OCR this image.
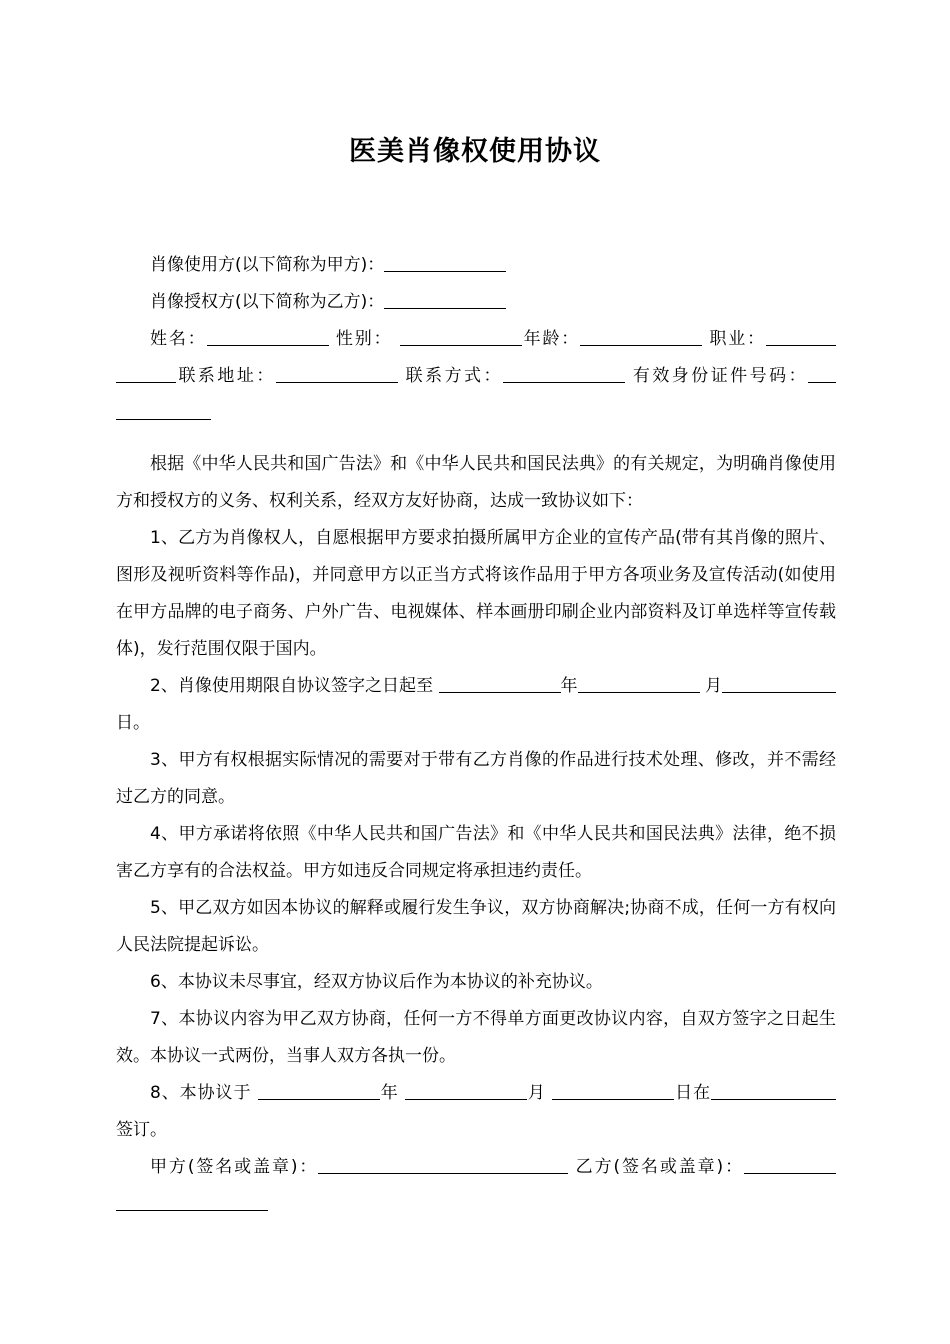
医美肖像权使用协议

肖像使用方(以下简称为甲方)：

肖像授权方(以下简称为乙方)：

姓名：	性别：	年龄：	职业：联系地址：	联系方式：	有效身份证件号码：

根据《中华人民共和国广告法》和《中华人民共和国民法典》的有关规定，为明确肖像使用方和授权方的义务、权利关系，经双方友好协商，达成一致协议如下：

1、乙方为肖像权人，自愿根据甲方要求拍摄所属甲方企业的宣传产品(带有其肖像的照片、图形及视听资料等作品)，并同意甲方以正当方式将该作品用于甲方各项业务及宣传活动(如使用在甲方品牌的电子商务、户外广告、电视媒体、样本画册印刷企业内部资料及订单选样等宣传载体)，发行范围仅限于国内。

2、肖像使用期限自协议签字之日起至	年	月 日。

3、甲方有权根据实际情况的需要对于带有乙方肖像的作品进行技术处理、修改，并不需经过乙方的同意。

4、甲方承诺将依照《中华人民共和国广告法》和《中华人民共和国民法典》法律，绝不损害乙方享有的合法权益。甲方如违反合同规定将承担违约责任。

5、甲乙双方如因本协议的解释或履行发生争议，双方协商解决;协商不成，任何一方有权向人民法院提起诉讼。

6、本协议未尽事宜，经双方协议后作为本协议的补充协议。

7、本协议内容为甲乙双方协商，任何一方不得单方面更改协议内容，自双方签字之日起生效。本协议一式两份，当事人双方各执一份。

8、本协议于	年	月	日在 签订。

甲方(签名或盖章)：	乙方(签名或盖章)：
